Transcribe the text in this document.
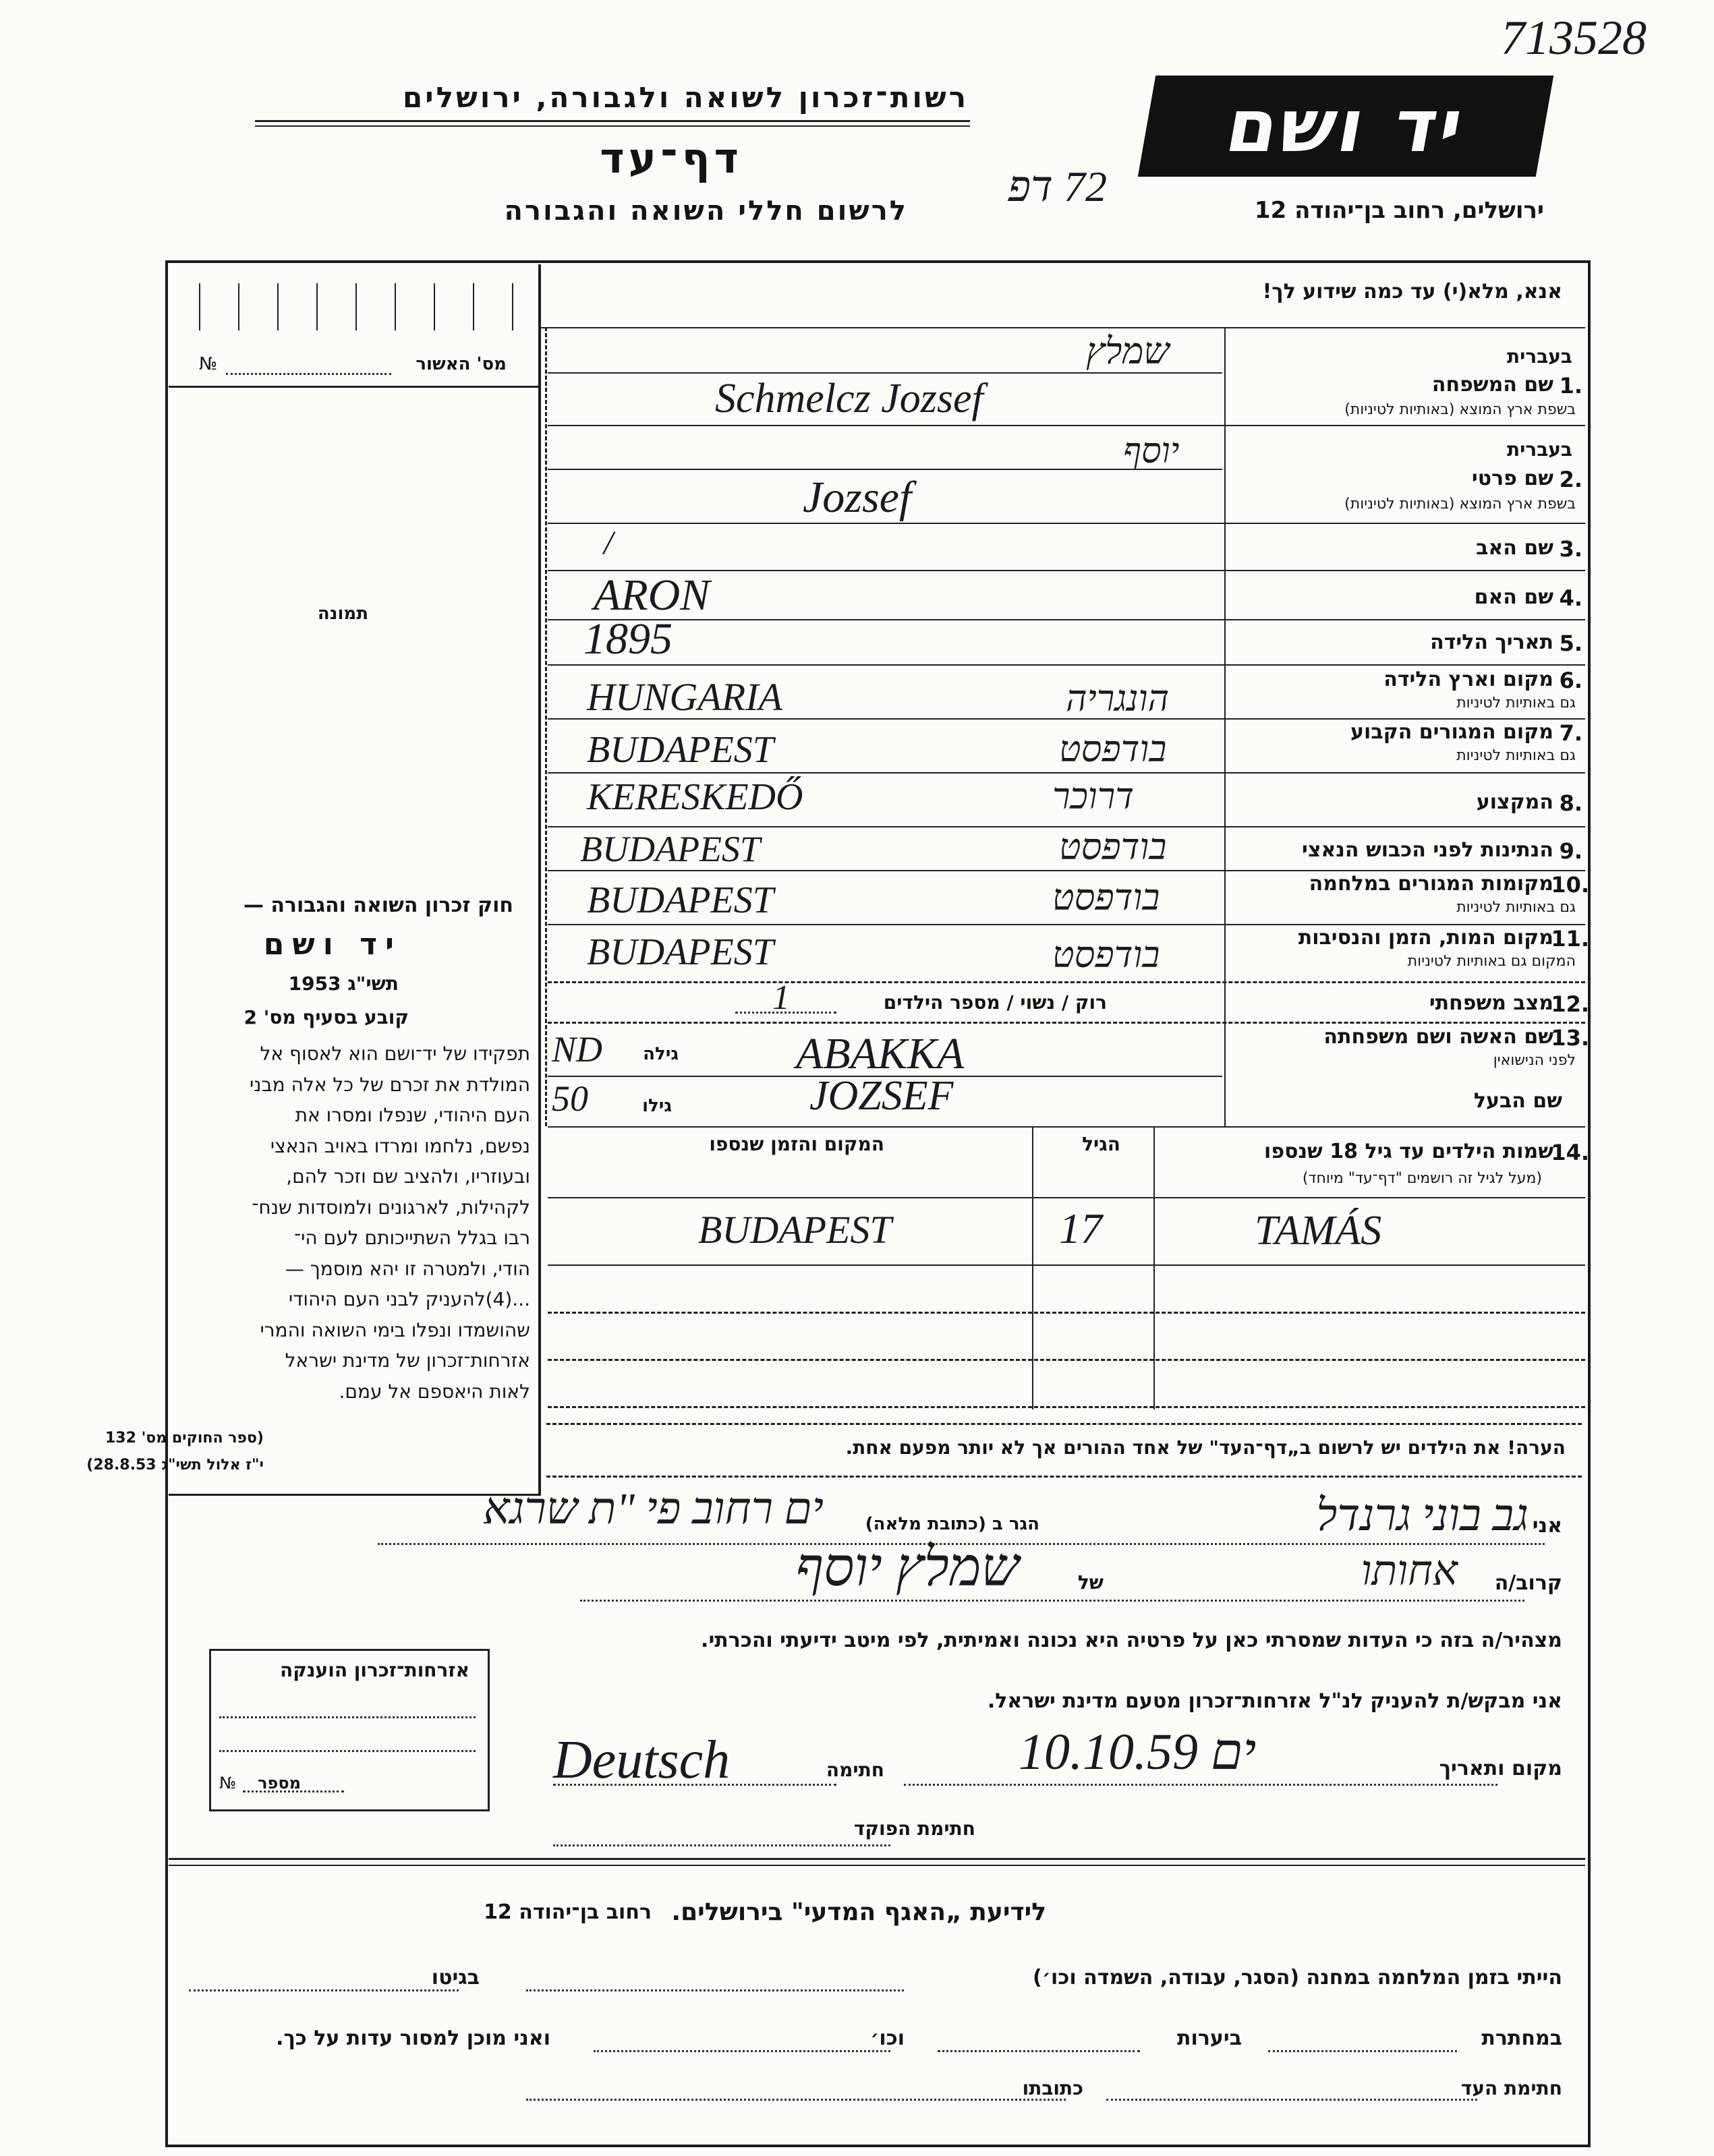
713528
רשות־זכרון לשואה ולגבורה, ירושלים
דף־עד
לרשום חללי השואה והגבורה
72 דפ
יד ושם
ירושלים, רחוב בן־יהודה 12
מס' האשור
№
תמונה
חוק זכרון השואה והגבורה —
יד ושם
תשי"ג 1953
קובע בסעיף מס' 2
תפקידו של יד־ושם הוא לאסוף אל
המולדת את זכרם של כל אלה מבני
העם היהודי, שנפלו ומסרו את
נפשם, נלחמו ומרדו באויב הנאצי
ובעוזריו, ולהציב שם וזכר להם,
לקהילות, לארגונים ולמוסדות שנח־
רבו בגלל השתייכותם לעם הי־
הודי, ולמטרה זו יהא מוסמך —
...(4)להעניק לבני העם היהודי
שהושמדו ונפלו בימי השואה והמרי
אזרחות־זכרון של מדינת ישראל
לאות היאספם אל עמם.
(ספר החוקים מס' 132
י"ז אלול תשי"ג 28.8.53)
אנא, מלא(י) עד כמה שידוע לך!
בעברית
שמלץ
1.
שם המשפחה
בשפת ארץ המוצא (באותיות לטיניות)
Schmelcz Jozsef
בעברית
יוסף
2.
שם פרטי
בשפת ארץ המוצא (באותיות לטיניות)
Jozsef
3.
שם האב
/
4.
שם האם
ARON
5.
תאריך הלידה
1895
6.
מקום וארץ הלידה
גם באותיות לטיניות
HUNGARIA	הונגריה
7.
מקום המגורים הקבוע
גם באותיות לטיניות
BUDAPEST	בודפסט
8.
המקצוע
KERESKEDŐ	דרוכר
9.
הנתינות לפני הכבוש הנאצי
BUDAPEST	בודפסט
10.
מקומות המגורים במלחמה
גם באותיות לטיניות
BUDAPEST	בודפסט
11.
מקום המות, הזמן והנסיבות
המקום גם באותיות לטיניות
BUDAPEST	בודפסט
12.
מצב משפחתי
רוק / נשוי / מספר הילדים
1
13.
שם האשה ושם משפחתה
לפני הנישואין
ND גילה	ABAKKA
שם הבעל
50	גילו	JOZSEF
14.
שמות הילדים עד גיל 18 שנספו
(מעל לגיל זה רושמים "דף־עד" מיוחד)
הגיל
המקום והזמן שנספו
BUDAPEST	17	TAMÁS
הערה! את הילדים יש לרשום ב„דף־העד" של אחד ההורים אך לא יותר מפעם אחת.
אני
גב בוני גרנדל
הגר ב (כתובת מלאה)
ים רחוב פי "ת שרגא
קרוב/ה
אחותו
של
שמלץ יוסף
מצהיר/ה בזה כי העדות שמסרתי כאן על פרטיה היא נכונה ואמיתית, לפי מיטב ידיעתי והכרתי.
אני מבקש/ת להעניק לנ"ל אזרחות־זכרון מטעם מדינת ישראל.
מקום ותאריך
10.10.59 ים
חתימה
Deutsch
חתימת הפוקד
אזרחות־זכרון הוענקה
מספר
№
לידיעת „האגף המדעי" בירושלים.
רחוב בן־יהודה 12
הייתי בזמן המלחמה במחנה (הסגר, עבודה, השמדה וכו׳)
בגיטו
במחתרת
ביערות
וכו׳
ואני מוכן למסור עדות על כך.
חתימת העד
כתובתו
